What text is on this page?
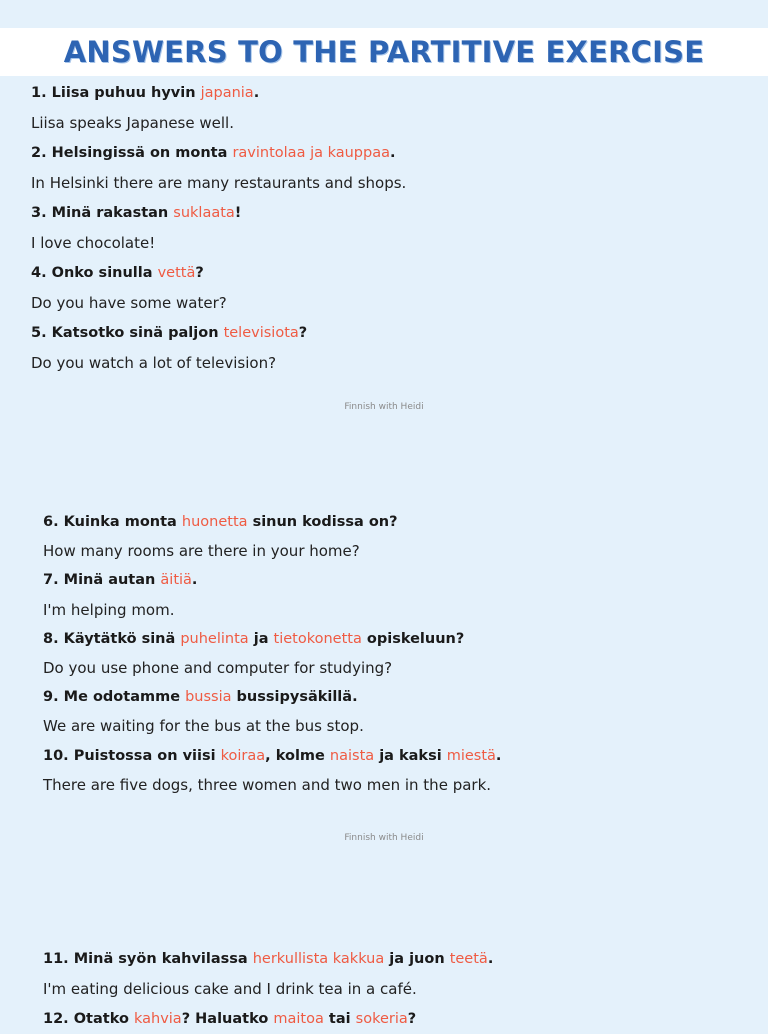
ANSWERS TO THE PARTITIVE EXERCISE
1. Liisa puhuu hyvin japania.
Liisa speaks Japanese well.
2. Helsingissä on monta ravintolaa ja kauppaa.
In Helsinki there are many restaurants and shops.
3. Minä rakastan suklaata!
I love chocolate!
4. Onko sinulla vettä?
Do you have some water?
5. Katsotko sinä paljon televisiota?
Do you watch a lot of television?
Finnish with Heidi
6. Kuinka monta huonetta sinun kodissa on?
How many rooms are there in your home?
7. Minä autan äitiä.
I'm helping mom.
8. Käytätkö sinä puhelinta ja tietokonetta opiskeluun?
Do you use phone and computer for studying?
9. Me odotamme bussia bussipysäkillä.
We are waiting for the bus at the bus stop.
10. Puistossa on viisi koiraa, kolme naista ja kaksi miestä.
There are five dogs, three women and two men in the park.
Finnish with Heidi
11. Minä syön kahvilassa herkullista kakkua ja juon teetä.
I'm eating delicious cake and I drink tea in a café.
12. Otatko kahvia? Haluatko maitoa tai sokeria?
